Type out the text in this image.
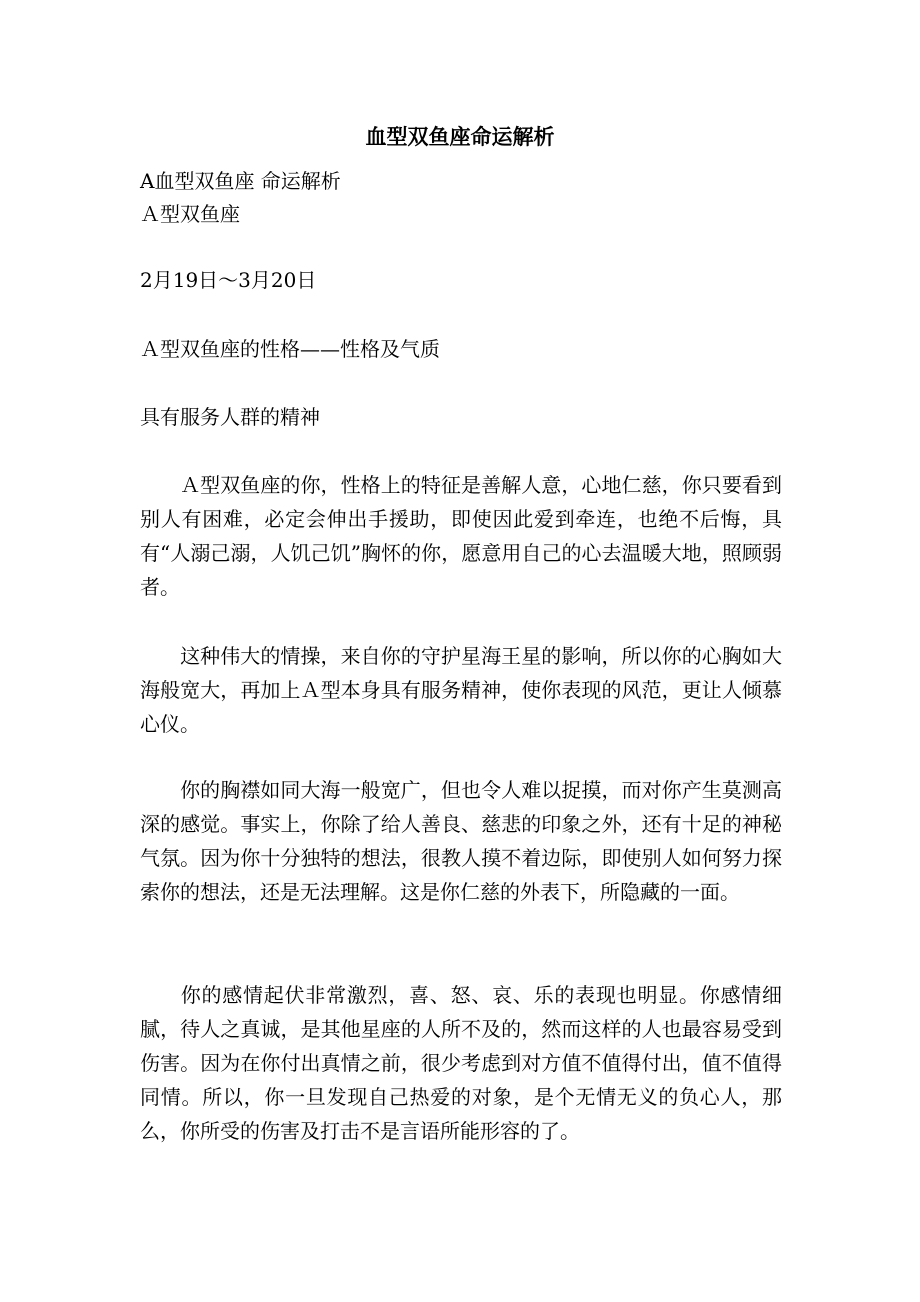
血型双鱼座命运解析
A血型双鱼座 命运解析
Ａ型双鱼座
2月19日～3月20日
Ａ型双鱼座的性格——性格及气质
具有服务人群的精神
Ａ型双鱼座的你，性格上的特征是善解人意，心地仁慈，你只要看到别人有困难，必定会伸出手援助，即使因此爱到牵连，也绝不后悔，具有“人溺己溺，人饥己饥”胸怀的你，愿意用自己的心去温暖大地，照顾弱者。
这种伟大的情操，来自你的守护星海王星的影响，所以你的心胸如大海般宽大，再加上Ａ型本身具有服务精神，使你表现的风范，更让人倾慕心仪。
你的胸襟如同大海一般宽广，但也令人难以捉摸，而对你产生莫测高深的感觉。事实上，你除了给人善良、慈悲的印象之外，还有十足的神秘气氛。因为你十分独特的想法，很教人摸不着边际，即使别人如何努力探索你的想法，还是无法理解。这是你仁慈的外表下，所隐藏的一面。
你的感情起伏非常激烈，喜、怒、哀、乐的表现也明显。你感情细腻，待人之真诚，是其他星座的人所不及的，然而这样的人也最容易受到伤害。因为在你付出真情之前，很少考虑到对方值不值得付出，值不值得同情。所以，你一旦发现自己热爱的对象，是个无情无义的负心人，那么，你所受的伤害及打击不是言语所能形容的了。
